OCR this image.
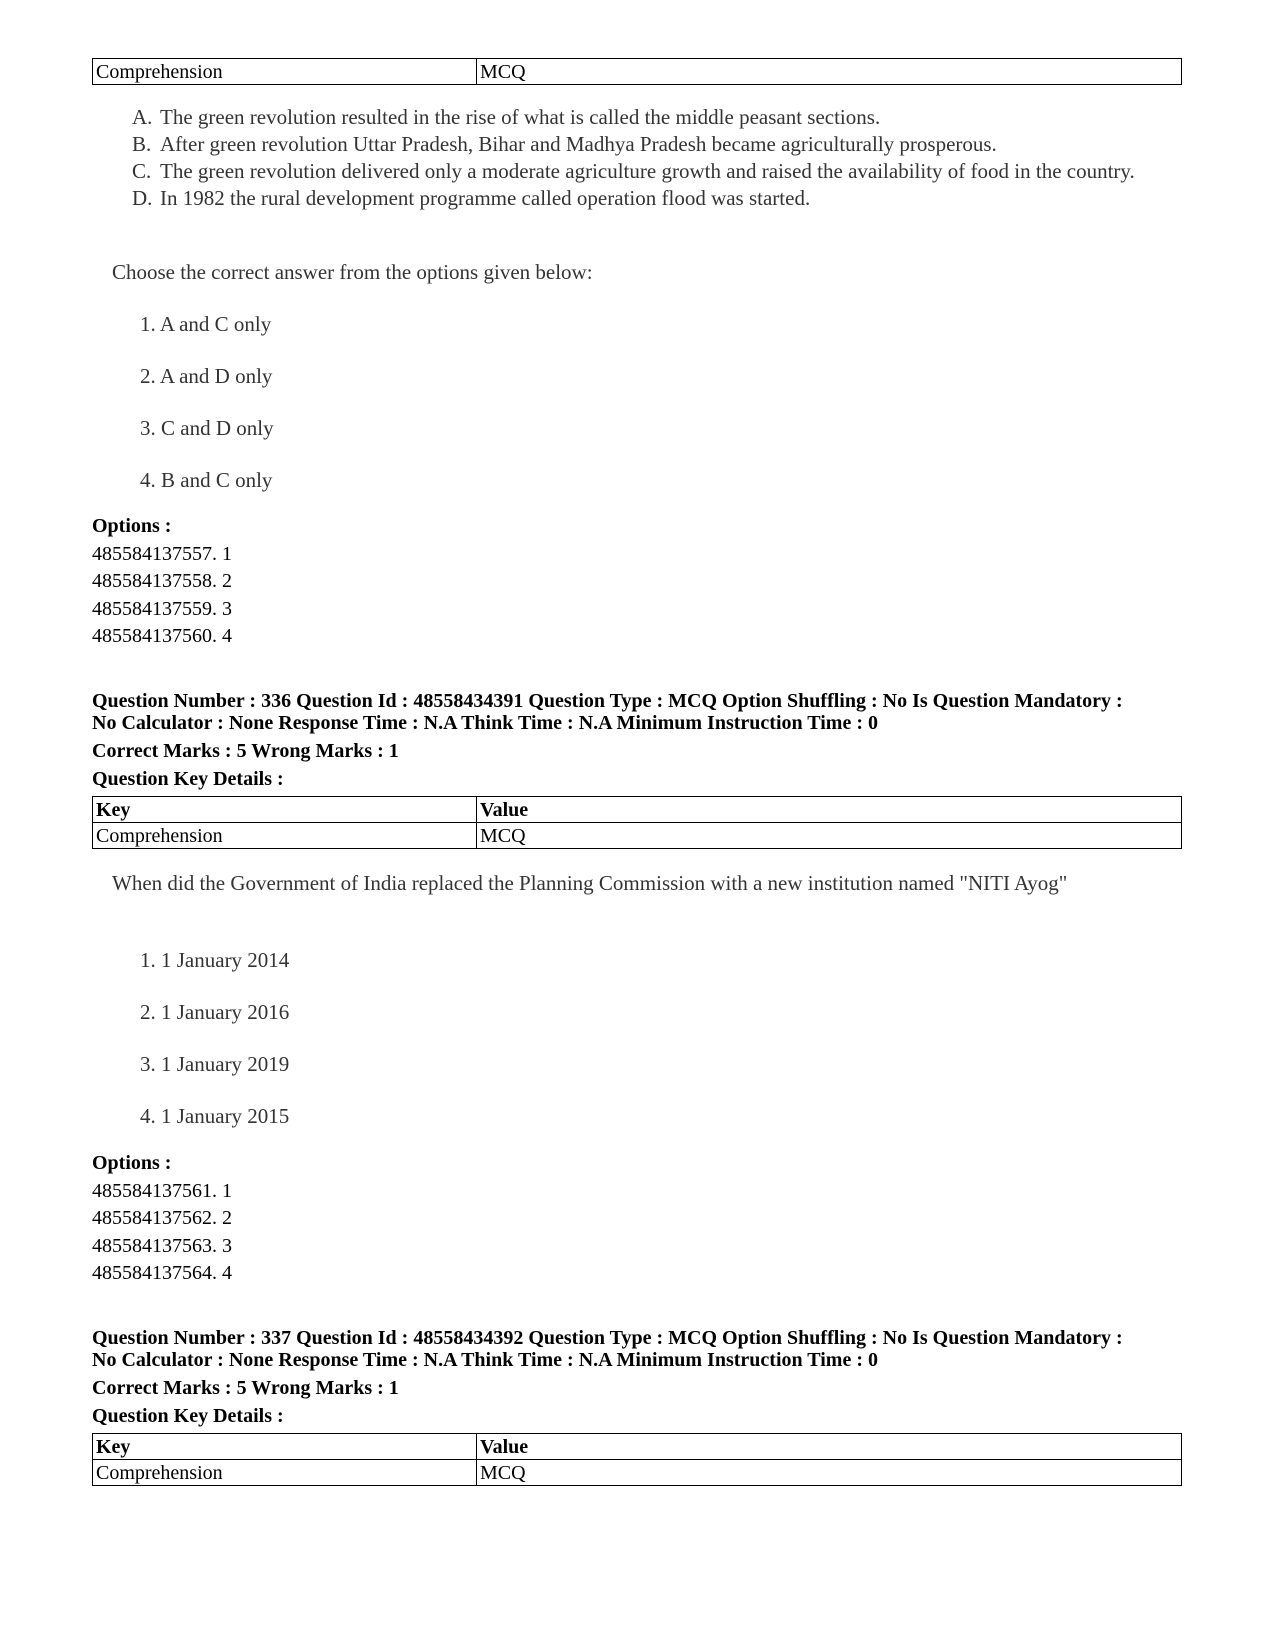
Comprehension	MCQ
A. The green revolution resulted in the rise of what is called the middle peasant sections.
B. After green revolution Uttar Pradesh, Bihar and Madhya Pradesh became agriculturally prosperous.
C. The green revolution delivered only a moderate agriculture growth and raised the availability of food in the country.
D. In 1982 the rural development programme called operation flood was started.
Choose the correct answer from the options given below:
1. A and C only
2. A and D only
3. C and D only
4. B and C only
Options :
485584137557. 1
485584137558. 2
485584137559. 3
485584137560. 4
Question Number : 336 Question Id : 48558434391 Question Type : MCQ Option Shuffling : No Is Question Mandatory :
No Calculator : None Response Time : N.A Think Time : N.A Minimum Instruction Time : 0
Correct Marks : 5 Wrong Marks : 1
Question Key Details :
Key	Value
Comprehension	MCQ
When did the Government of India replaced the Planning Commission with a new institution named "NITI Ayog"
1. 1 January 2014
2. 1 January 2016
3. 1 January 2019
4. 1 January 2015
Options :
485584137561. 1
485584137562. 2
485584137563. 3
485584137564. 4
Question Number : 337 Question Id : 48558434392 Question Type : MCQ Option Shuffling : No Is Question Mandatory :
No Calculator : None Response Time : N.A Think Time : N.A Minimum Instruction Time : 0
Correct Marks : 5 Wrong Marks : 1
Question Key Details :
Key	Value
Comprehension	MCQ
